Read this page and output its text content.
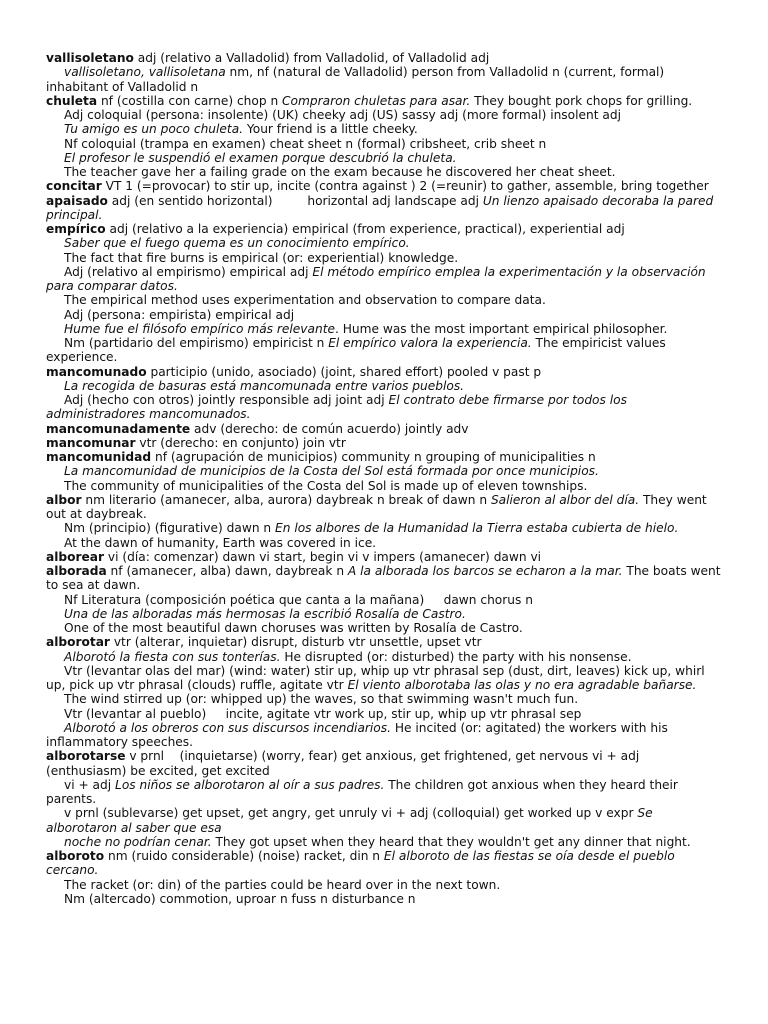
vallisoletano adj (relativo a Valladolid) from Valladolid, of Valladolid adj

vallisoletano, vallisoletana nm, nf (natural de Valladolid) person from Valladolid n (current, formal) inhabitant of Valladolid n

chuleta nf (costilla con carne) chop n Compraron chuletas para asar. They bought pork chops for grilling.

Adj coloquial (persona: insolente) (UK) cheeky adj (US) sassy adj (more formal) insolent adj

Tu amigo es un poco chuleta. Your friend is a little cheeky.

Nf coloquial (trampa en examen) cheat sheet n (formal) cribsheet, crib sheet n

El profesor le suspendió el examen porque descubrió la chuleta.

The teacher gave her a failing grade on the exam because he discovered her cheat sheet.

concitar VT 1 (=provocar) to stir up, incite (contra against ) 2 (=reunir) to gather, assemble, bring together

apaisado adj (en sentido horizontal)         horizontal adj landscape adj Un lienzo apaisado decoraba la pared principal.

empírico adj (relativo a la experiencia) empirical (from experience, practical), experiential adj

Saber que el fuego quema es un conocimiento empírico.

The fact that fire burns is empirical (or: experiential) knowledge.

Adj (relativo al empirismo) empirical adj El método empírico emplea la experimentación y la observación para comparar datos.

The empirical method uses experimentation and observation to compare data.

Adj (persona: empirista) empirical adj

Hume fue el filósofo empírico más relevante. Hume was the most important empirical philosopher.

Nm (partidario del empirismo) empiricist n El empírico valora la experiencia. The empiricist values experience.

mancomunado participio (unido, asociado) (joint, shared effort) pooled v past p

La recogida de basuras está mancomunada entre varios pueblos.

Adj (hecho con otros) jointly responsible adj joint adj El contrato debe firmarse por todos los administradores mancomunados.

mancomunadamente adv (derecho: de común acuerdo) jointly adv

mancomunar vtr (derecho: en conjunto) join vtr

mancomunidad nf (agrupación de municipios) community n grouping of municipalities n

La mancomunidad de municipios de la Costa del Sol está formada por once municipios.

The community of municipalities of the Costa del Sol is made up of eleven townships.

albor nm literario (amanecer, alba, aurora) daybreak n break of dawn n Salieron al albor del día. They went out at daybreak.

Nm (principio) (figurative) dawn n En los albores de la Humanidad la Tierra estaba cubierta de hielo.

At the dawn of humanity, Earth was covered in ice.

alborear vi (día: comenzar) dawn vi start, begin vi v impers (amanecer) dawn vi

alborada nf (amanecer, alba) dawn, daybreak n A la alborada los barcos se echaron a la mar. The boats went to sea at dawn.

Nf Literatura (composición poética que canta a la mañana)     dawn chorus n

Una de las alboradas más hermosas la escribió Rosalía de Castro.

One of the most beautiful dawn choruses was written by Rosalía de Castro.

alborotar vtr (alterar, inquietar) disrupt, disturb vtr unsettle, upset vtr

Alborotó la fiesta con sus tonterías. He disrupted (or: disturbed) the party with his nonsense.

Vtr (levantar olas del mar) (wind: water) stir up, whip up vtr phrasal sep (dust, dirt, leaves) kick up, whirl up, pick up vtr phrasal (clouds) ruffle, agitate vtr El viento alborotaba las olas y no era agradable bañarse.

The wind stirred up (or: whipped up) the waves, so that swimming wasn't much fun.

Vtr (levantar al pueblo)     incite, agitate vtr work up, stir up, whip up vtr phrasal sep

Alborotó a los obreros con sus discursos incendiarios. He incited (or: agitated) the workers with his inflammatory speeches.

alborotarse v prnl    (inquietarse) (worry, fear) get anxious, get frightened, get nervous vi + adj (enthusiasm) be excited, get excited

vi + adj Los niños se alborotaron al oír a sus padres. The children got anxious when they heard their parents.

v prnl (sublevarse) get upset, get angry, get unruly vi + adj (colloquial) get worked up v expr Se alborotaron al saber que esa

noche no podrían cenar. They got upset when they heard that they wouldn't get any dinner that night.

alboroto nm (ruido considerable) (noise) racket, din n El alboroto de las fiestas se oía desde el pueblo cercano.

The racket (or: din) of the parties could be heard over in the next town.

Nm (altercado) commotion, uproar n fuss n disturbance n
